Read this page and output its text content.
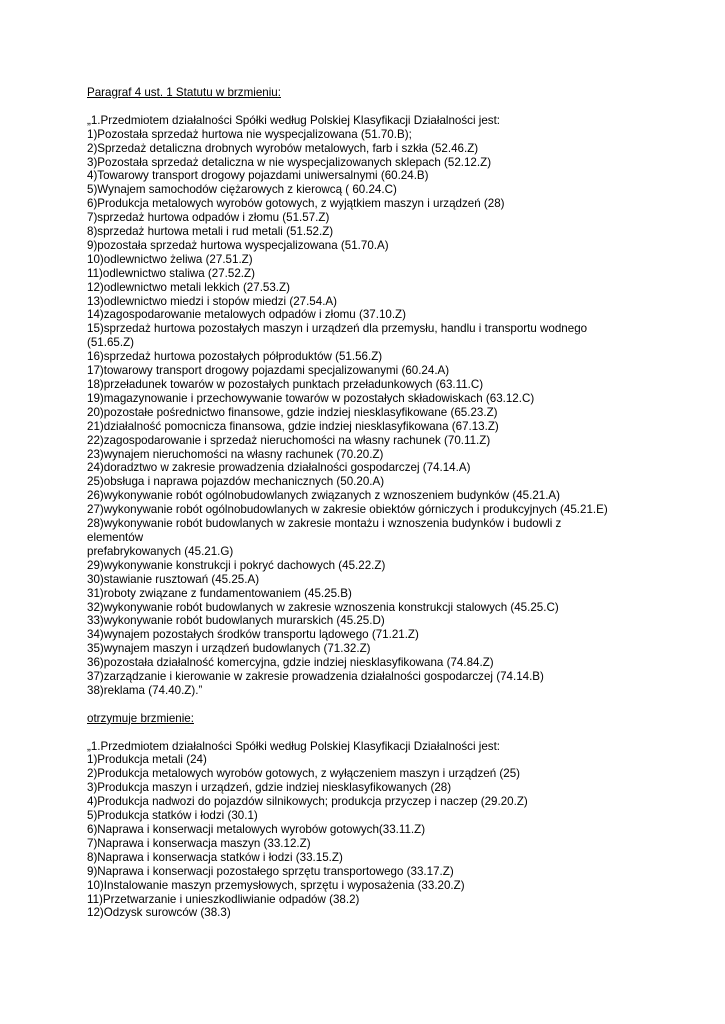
Paragraf 4 ust. 1 Statutu w brzmieniu:
„1.Przedmiotem działalności Spółki według Polskiej Klasyfikacji Działalności jest:
1)Pozostała sprzedaż hurtowa nie wyspecjalizowana (51.70.B);
2)Sprzedaż detaliczna drobnych wyrobów metalowych, farb i szkła (52.46.Z)
3)Pozostała sprzedaż detaliczna w nie wyspecjalizowanych sklepach (52.12.Z)
4)Towarowy transport drogowy pojazdami uniwersalnymi (60.24.B)
5)Wynajem samochodów ciężarowych z kierowcą ( 60.24.C)
6)Produkcja metalowych wyrobów gotowych, z wyjątkiem maszyn i urządzeń (28)
7)sprzedaż hurtowa odpadów i złomu (51.57.Z)
8)sprzedaż hurtowa metali i rud metali (51.52.Z)
9)pozostała sprzedaż hurtowa wyspecjalizowana (51.70.A)
10)odlewnictwo żeliwa (27.51.Z)
11)odlewnictwo staliwa (27.52.Z)
12)odlewnictwo metali lekkich (27.53.Z)
13)odlewnictwo miedzi i stopów miedzi (27.54.A)
14)zagospodarowanie metalowych odpadów i złomu (37.10.Z)
15)sprzedaż hurtowa pozostałych maszyn i urządzeń dla przemysłu, handlu i transportu wodnego
(51.65.Z)
16)sprzedaż hurtowa pozostałych półproduktów (51.56.Z)
17)towarowy transport drogowy pojazdami specjalizowanymi (60.24.A)
18)przeładunek towarów w pozostałych punktach przeładunkowych (63.11.C)
19)magazynowanie i przechowywanie towarów w pozostałych składowiskach (63.12.C)
20)pozostałe pośrednictwo finansowe, gdzie indziej niesklasyfikowane (65.23.Z)
21)działalność pomocnicza finansowa, gdzie indziej niesklasyfikowana (67.13.Z)
22)zagospodarowanie i sprzedaż nieruchomości na własny rachunek (70.11.Z)
23)wynajem nieruchomości na własny rachunek (70.20.Z)
24)doradztwo w zakresie prowadzenia działalności gospodarczej (74.14.A)
25)obsługa i naprawa pojazdów mechanicznych (50.20.A)
26)wykonywanie robót ogólnobudowlanych związanych z wznoszeniem budynków (45.21.A)
27)wykonywanie robót ogólnobudowlanych w zakresie obiektów górniczych i produkcyjnych (45.21.E)
28)wykonywanie robót budowlanych w zakresie montażu i wznoszenia budynków i budowli z
elementów
prefabrykowanych (45.21.G)
29)wykonywanie konstrukcji i pokryć dachowych (45.22.Z)
30)stawianie rusztowań (45.25.A)
31)roboty związane z fundamentowaniem (45.25.B)
32)wykonywanie robót budowlanych w zakresie wznoszenia konstrukcji stalowych (45.25.C)
33)wykonywanie robót budowlanych murarskich (45.25.D)
34)wynajem pozostałych środków transportu lądowego (71.21.Z)
35)wynajem maszyn i urządzeń budowlanych (71.32.Z)
36)pozostała działalność komercyjna, gdzie indziej niesklasyfikowana (74.84.Z)
37)zarządzanie i kierowanie w zakresie prowadzenia działalności gospodarczej (74.14.B)
38)reklama (74.40.Z).”
otrzymuje brzmienie:
„1.Przedmiotem działalności Spółki według Polskiej Klasyfikacji Działalności jest:
1)Produkcja metali (24)
2)Produkcja metalowych wyrobów gotowych, z wyłączeniem maszyn i urządzeń (25)
3)Produkcja maszyn i urządzeń, gdzie indziej niesklasyfikowanych (28)
4)Produkcja nadwozi do pojazdów silnikowych; produkcja przyczep i naczep (29.20.Z)
5)Produkcja statków i łodzi (30.1)
6)Naprawa i konserwacji metalowych wyrobów gotowych(33.11.Z)
7)Naprawa i konserwacja maszyn (33.12.Z)
8)Naprawa i konserwacja statków i łodzi (33.15.Z)
9)Naprawa i konserwacji pozostałego sprzętu transportowego (33.17.Z)
10)Instalowanie maszyn przemysłowych, sprzętu i wyposażenia (33.20.Z)
11)Przetwarzanie i unieszkodliwianie odpadów (38.2)
12)Odzysk surowców (38.3)
